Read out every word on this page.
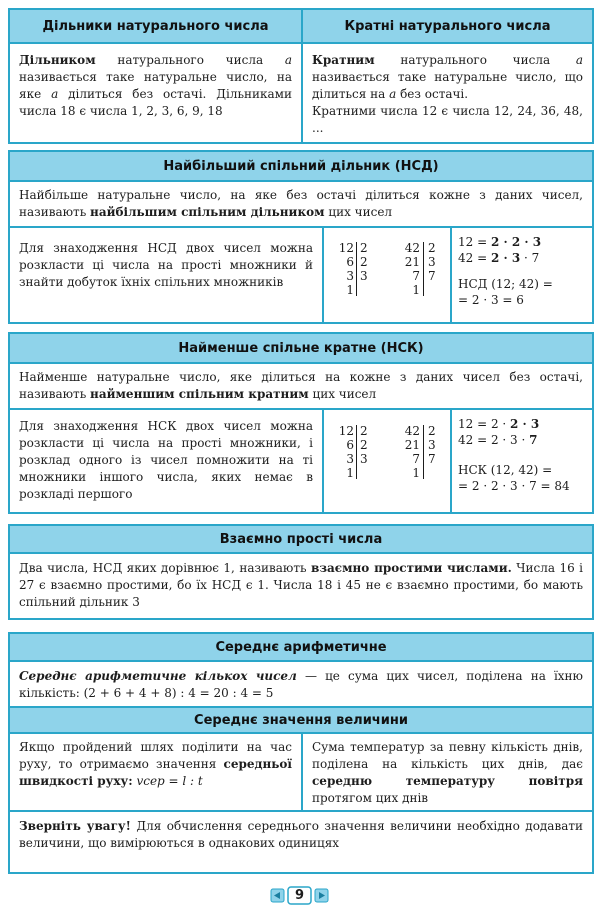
Дільники натурального числа	Кратні натурального числа
Дільником натурального числа а називається таке натуральне число, на яке а ділиться без остачі. Дільниками числа 18 є числа 1, 2, 3, 6, 9, 18
Кратним натурального числа а називається таке натуральне число, що ділиться на а без остачі.
Кратними числа 12 є числа 12, 24, 36, 48, ...
Найбільший спільний дільник (НСД)
Найбільше натуральне число, на яке без остачі ділиться кожне з даних чисел, називають найбільшим спільним дільником цих чисел
Для знаходження НСД двох чисел можна розкласти ці числа на прості множники й знайти добуток їхніх спільних множників
12
6
3
1
2
2
3
42
21
7
1
2
3
7
12 = 2 · 2 · 3
42 = 2 · 3 · 7
НСД (12; 42) =
= 2 · 3 = 6
Найменше спільне кратне (НСК)
Найменше натуральне число, яке ділиться на кожне з даних чисел без остачі, називають найменшим спільним кратним цих чисел
Для знаходження НСК двох чисел можна розкласти ці числа на прості множники, і розклад одного із чисел помножити на ті множники іншого числа, яких немає в розкладі першого
12
6
3
1
2
2
3
42
21
7
1
2
3
7
12 = 2 · 2 · 3
42 = 2 · 3 · 7
НСК (12, 42) =
= 2 · 2 · 3 · 7 = 84
Взаємно прості числа
Два числа, НСД яких дорівнює 1, називають взаємно простими числами. Числа 16 і 27 є взаємно простими, бо їх НСД є 1. Числа 18 і 45 не є взаємно простими, бо мають спільний дільник 3
Середнє арифметичне
Середнє арифметичне кількох чисел — це сума цих чисел, поділена на їхню кількість: (2 + 6 + 4 + 8) : 4 = 20 : 4 = 5
Середнє значення величини
Якщо пройдений шлях поділити на час руху, то отримаємо значення середньої швидкості руху: vсер = l : t
Сума температур за певну кількість днів, поділена на кількість цих днів, дає середню температуру повітря протягом цих днів
Зверніть увагу! Для обчислення середнього значення величини необхідно додавати величини, що вимірюються в однакових одиницях
9
